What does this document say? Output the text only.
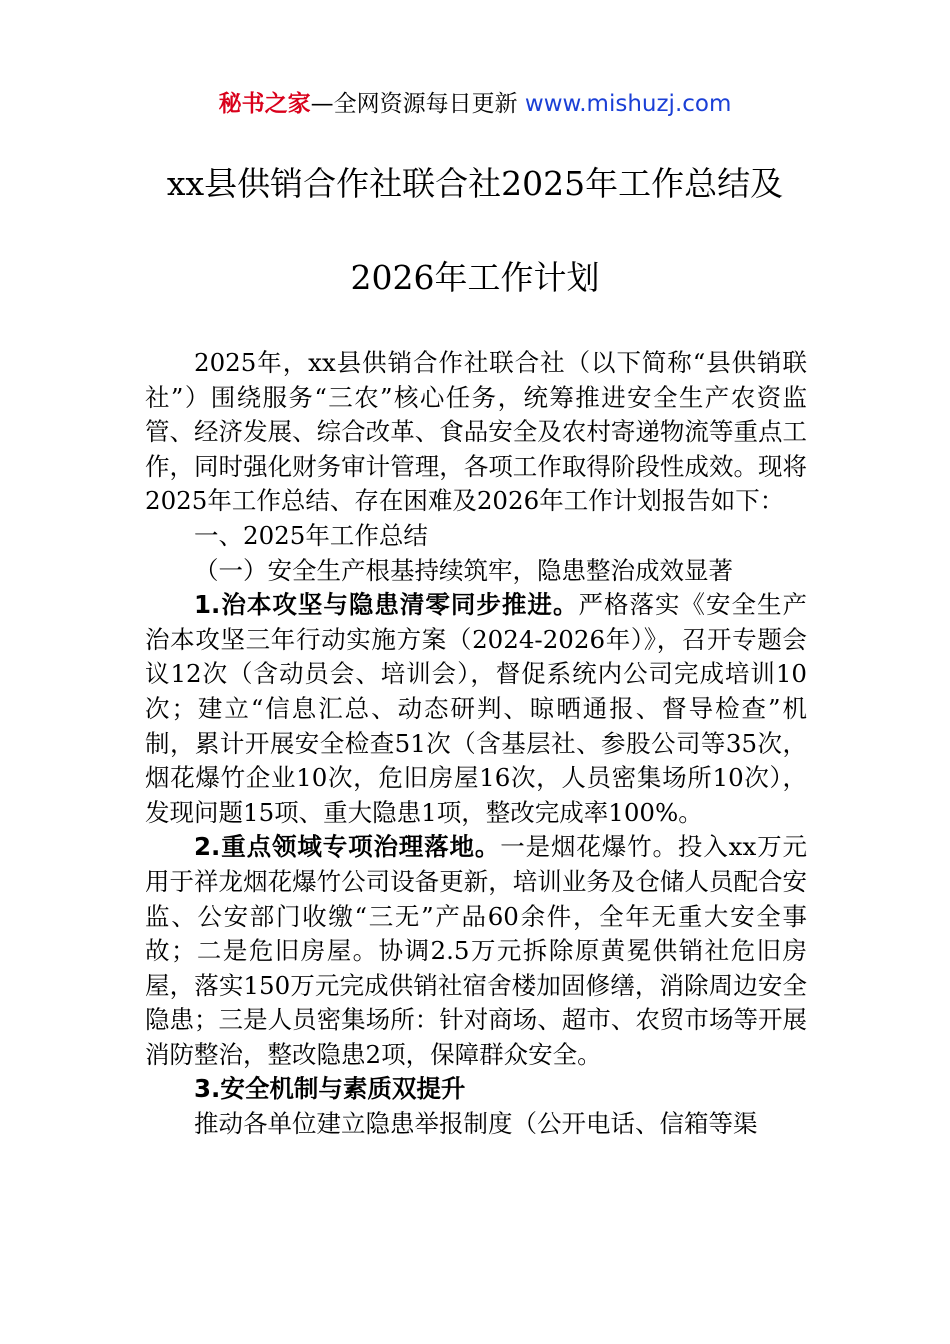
秘书之家—全网资源每日更新 www.mishuzj.com
xx县供销合作社联合社2025年工作总结及
2026年工作计划

2025年，xx县供销合作社联合社（以下简称“县供销联社”）围绕服务“三农”核心任务，统筹推进安全生产农资监管、经济发展、综合改革、食品安全及农村寄递物流等重点工作，同时强化财务审计管理，各项工作取得阶段性成效。现将2025年工作总结、存在困难及2026年工作计划报告如下：

一、2025年工作总结

（一）安全生产根基持续筑牢，隐患整治成效显著

1.治本攻坚与隐患清零同步推进。严格落实《安全生产治本攻坚三年行动实施方案（2024-2026年）》，召开专题会议12次（含动员会、培训会），督促系统内公司完成培训10次；建立“信息汇总、动态研判、晾晒通报、督导检查”机制，累计开展安全检查51次（含基层社、参股公司等35次，烟花爆竹企业10次，危旧房屋16次，人员密集场所10次），发现问题15项、重大隐患1项，整改完成率100%。

2.重点领域专项治理落地。一是烟花爆竹。投入xx万元用于祥龙烟花爆竹公司设备更新，培训业务及仓储人员配合安监、公安部门收缴“三无”产品60余件，全年无重大安全事故；二是危旧房屋。协调2.5万元拆除原黄冕供销社危旧房屋，落实150万元完成供销社宿舍楼加固修缮，消除周边安全隐患；三是人员密集场所：针对商场、超市、农贸市场等开展消防整治，整改隐患2项，保障群众安全。

3.安全机制与素质双提升

推动各单位建立隐患举报制度（公开电话、信箱等渠
